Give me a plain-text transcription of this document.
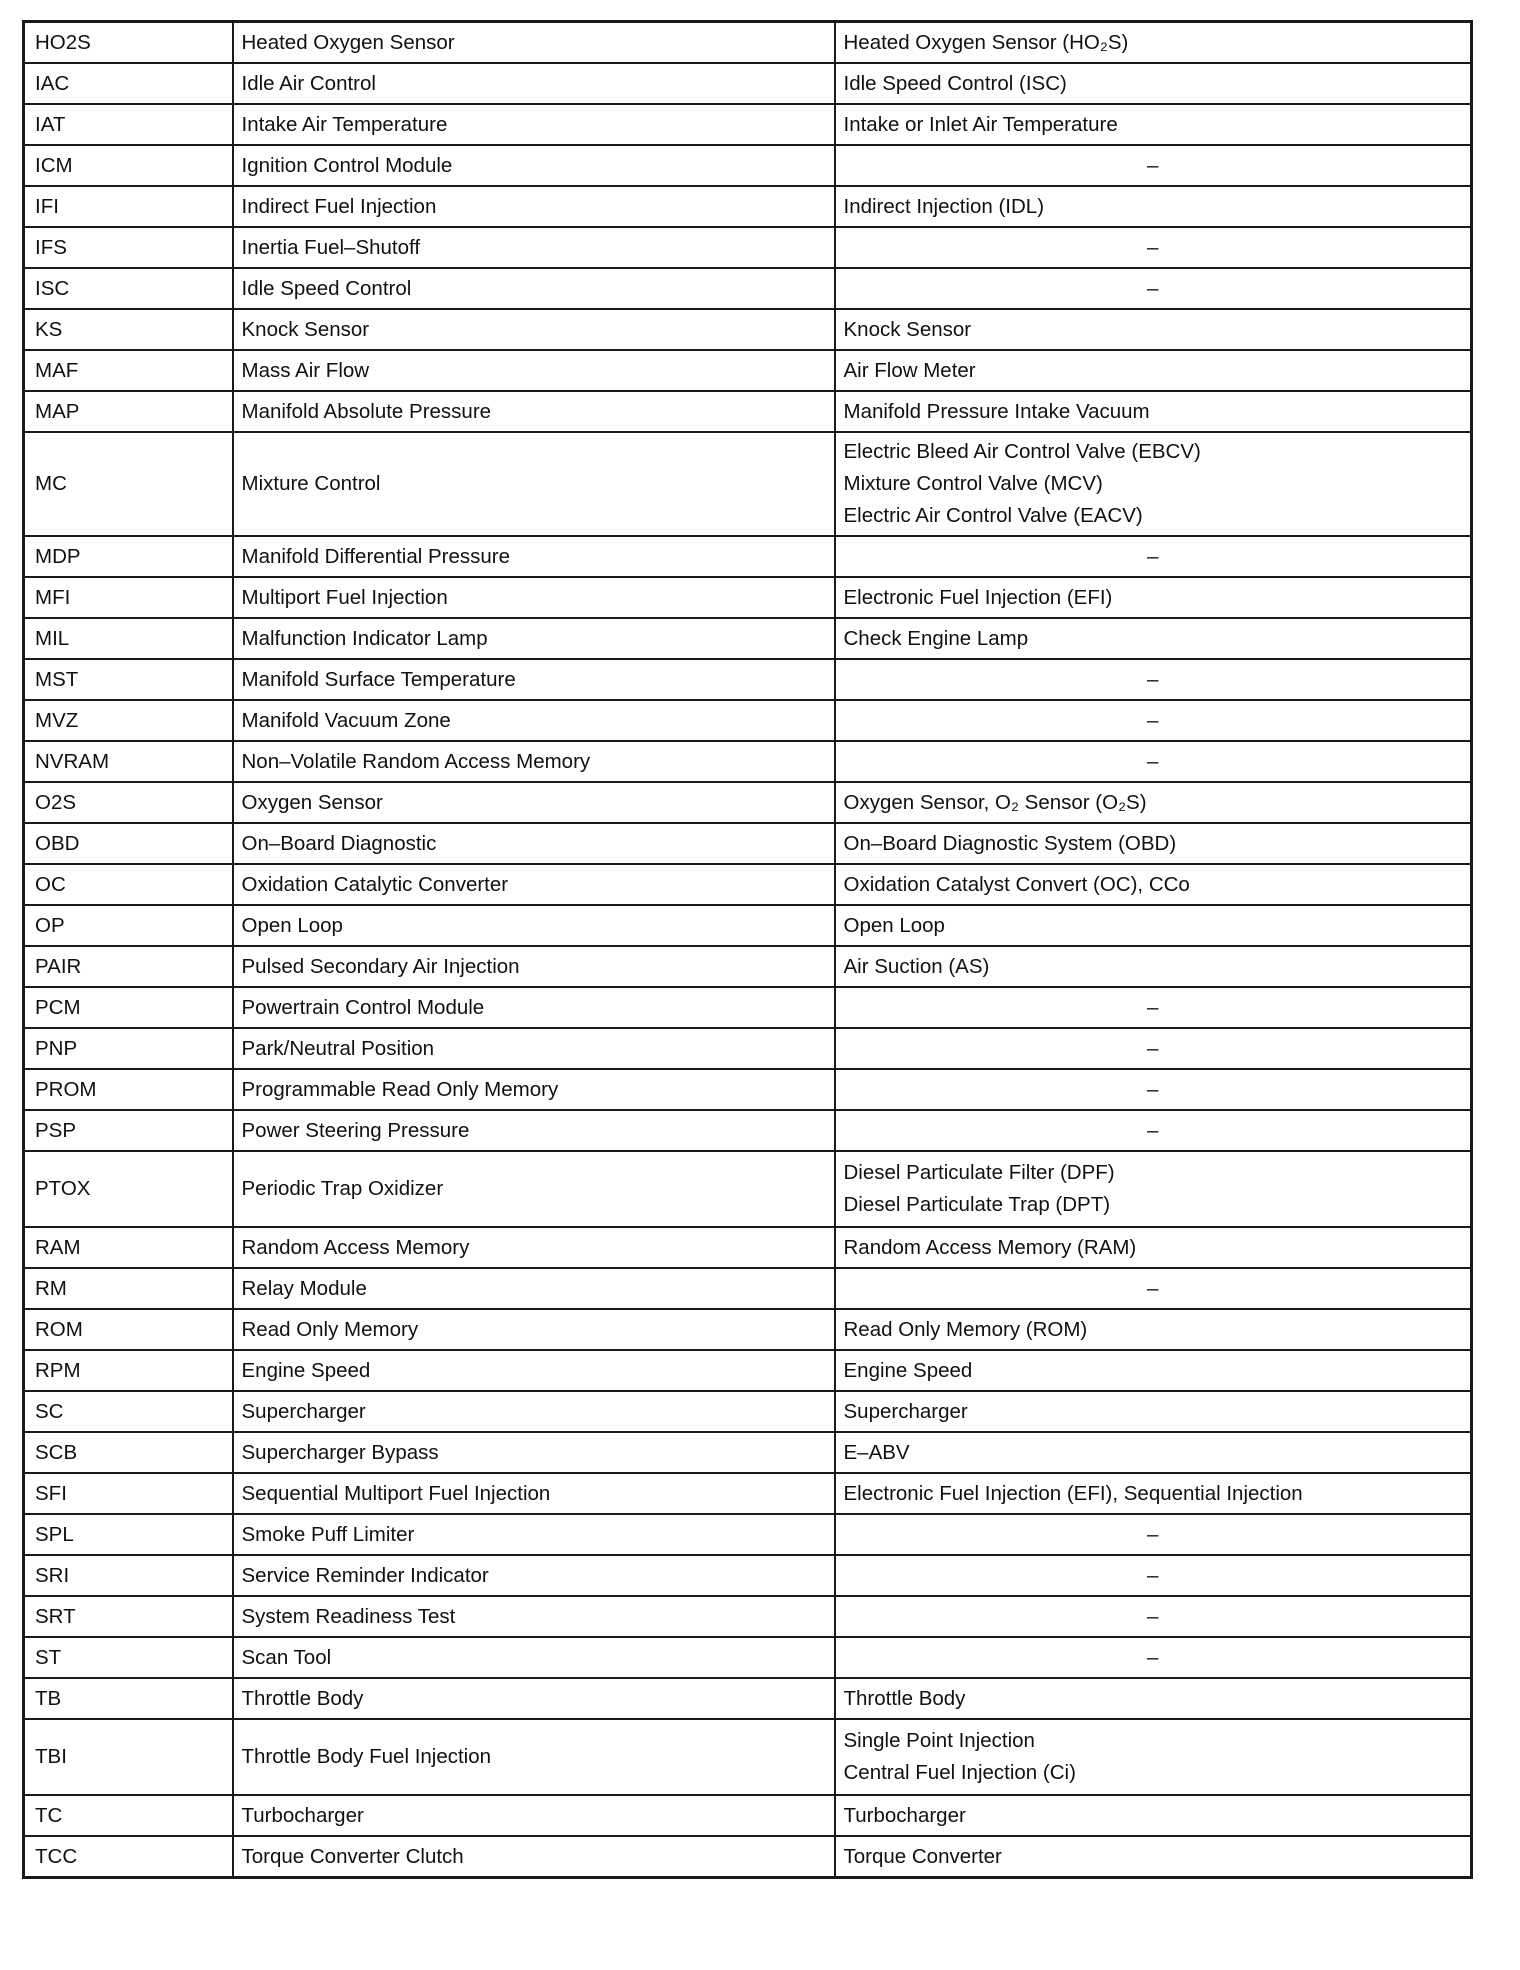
HO2S	Heated Oxygen Sensor	Heated Oxygen Sensor (HO₂S)

IAC	Idle Air Control	Idle Speed Control (ISC)

IAT	Intake Air Temperature	Intake or Inlet Air Temperature

ICM	Ignition Control Module	–

IFI	Indirect Fuel Injection	Indirect Injection (IDL)

IFS	Inertia Fuel–Shutoff	–

ISC	Idle Speed Control	–

KS	Knock Sensor	Knock Sensor

MAF	Mass Air Flow	Air Flow Meter

MAP	Manifold Absolute Pressure	Manifold Pressure Intake Vacuum

MC	Mixture Control	Electric Bleed Air Control Valve (EBCV)
Mixture Control Valve (MCV)
Electric Air Control Valve (EACV)

MDP	Manifold Differential Pressure	–

MFI	Multiport Fuel Injection	Electronic Fuel Injection (EFI)

MIL	Malfunction Indicator Lamp	Check Engine Lamp

MST	Manifold Surface Temperature	–

MVZ	Manifold Vacuum Zone	–

NVRAM	Non–Volatile Random Access Memory	–

O2S	Oxygen Sensor	Oxygen Sensor, O₂ Sensor (O₂S)

OBD	On–Board Diagnostic	On–Board Diagnostic System (OBD)

OC	Oxidation Catalytic Converter	Oxidation Catalyst Convert (OC), CCo

OP	Open Loop	Open Loop

PAIR	Pulsed Secondary Air Injection	Air Suction (AS)

PCM	Powertrain Control Module	–

PNP	Park/Neutral Position	–

PROM	Programmable Read Only Memory	–

PSP	Power Steering Pressure	–

PTOX	Periodic Trap Oxidizer	Diesel Particulate Filter (DPF)
Diesel Particulate Trap (DPT)

RAM	Random Access Memory	Random Access Memory (RAM)

RM	Relay Module	–

ROM	Read Only Memory	Read Only Memory (ROM)

RPM	Engine Speed	Engine Speed

SC	Supercharger	Supercharger

SCB	Supercharger Bypass	E–ABV

SFI	Sequential Multiport Fuel Injection	Electronic Fuel Injection (EFI), Sequential Injection

SPL	Smoke Puff Limiter	–

SRI	Service Reminder Indicator	–

SRT	System Readiness Test	–

ST	Scan Tool	–

TB	Throttle Body	Throttle Body

TBI	Throttle Body Fuel Injection	Single Point Injection
Central Fuel Injection (Ci)

TC	Turbocharger	Turbocharger

TCC	Torque Converter Clutch	Torque Converter
